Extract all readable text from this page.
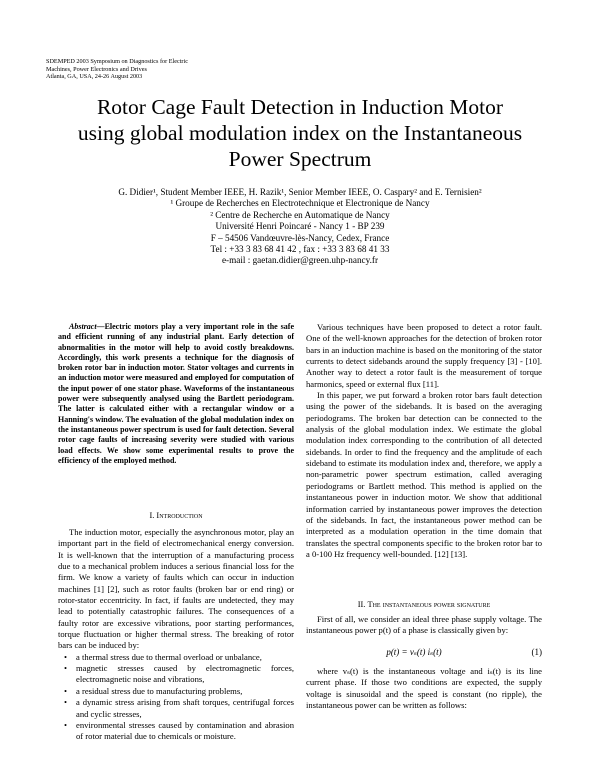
SDEMPED 2003 Symposium on Diagnostics for Electric
Machines, Power Electronics and Drives
Atlanta, GA, USA, 24-26 August 2003
Rotor Cage Fault Detection in Induction Motor
using global modulation index on the Instantaneous
Power Spectrum
G. Didier¹, Student Member IEEE, H. Razik¹, Senior Member IEEE, O. Caspary² and E. Ternisien²
¹ Groupe de Recherches en Electrotechnique et Electronique de Nancy
² Centre de Recherche en Automatique de Nancy
Université Henri Poincaré - Nancy 1 - BP 239
F – 54506 Vandœuvre-lès-Nancy, Cedex, France
Tel : +33 3 83 68 41 42 , fax : +33 3 83 68 41 33
e-mail : gaetan.didier@green.uhp-nancy.fr

Abstract—Electric motors play a very important role in the safe and efficient running of any industrial plant. Early detection of abnormalities in the motor will help to avoid costly breakdowns. Accordingly, this work presents a technique for the diagnosis of broken rotor bar in induction motor. Stator voltages and currents in an induction motor were measured and employed for computation of the input power of one stator phase. Waveforms of the instantaneous power were subsequently analysed using the Bartlett periodogram. The latter is calculated either with a rectangular window or a Hanning's window. The evaluation of the global modulation index on the instantaneous power spectrum is used for fault detection. Several rotor cage faults of increasing severity were studied with various load effects. We show some experimental results to prove the efficiency of the employed method.

I. Introduction

The induction motor, especially the asynchronous motor, play an important part in the field of electromechanical energy conversion. It is well-known that the interruption of a manufacturing process due to a mechanical problem induces a serious financial loss for the firm. We know a variety of faults which can occur in induction machines [1] [2], such as rotor faults (broken bar or end ring) or rotor-stator eccentricity. In fact, if faults are undetected, they may lead to potentially catastrophic failures. The consequences of a faulty rotor are excessive vibrations, poor starting performances, torque fluctuation or higher thermal stress. The breaking of rotor bars can be induced by:

• a thermal stress due to thermal overload or unbalance,
• magnetic stresses caused by electromagnetic forces, electromagnetic noise and vibrations,
• a residual stress due to manufacturing problems,
• a dynamic stress arising from shaft torques, centrifugal forces and cyclic stresses,
• environmental stresses caused by contamination and abrasion of rotor material due to chemicals or moisture.

Various techniques have been proposed to detect a rotor fault. One of the well-known approaches for the detection of broken rotor bars in an induction machine is based on the monitoring of the stator currents to detect sidebands around the supply frequency [3] - [10]. Another way to detect a rotor fault is the measurement of torque harmonics, speed or external flux [11].

In this paper, we put forward a broken rotor bars fault detection using the power of the sidebands. It is based on the averaging periodograms. The broken bar detection can be connected to the analysis of the global modulation index. We estimate the global modulation index corresponding to the contribution of all detected sidebands. In order to find the frequency and the amplitude of each sideband to estimate its modulation index and, therefore, we apply a non-parametric power spectrum estimation, called averaging periodograms or Bartlett method. This method is applied on the instantaneous power in induction motor. We show that additional information carried by instantaneous power improves the detection of the sidebands. In fact, the instantaneous power method can be interpreted as a modulation operation in the time domain that translates the spectral components specific to the broken rotor bar to a 0-100 Hz frequency well-bounded. [12] [13].

II. The instantaneous power signature

First of all, we consider an ideal three phase supply voltage. The instantaneous power p(t) of a phase is classically given by:

p(t) = vₛ(t) iₛ(t)	(1)

where vₛ(t) is the instantaneous voltage and iₛ(t) is its line current phase. If those two conditions are expected, the supply voltage is sinusoidal and the speed is constant (no ripple), the instantaneous power can be written as follows:
